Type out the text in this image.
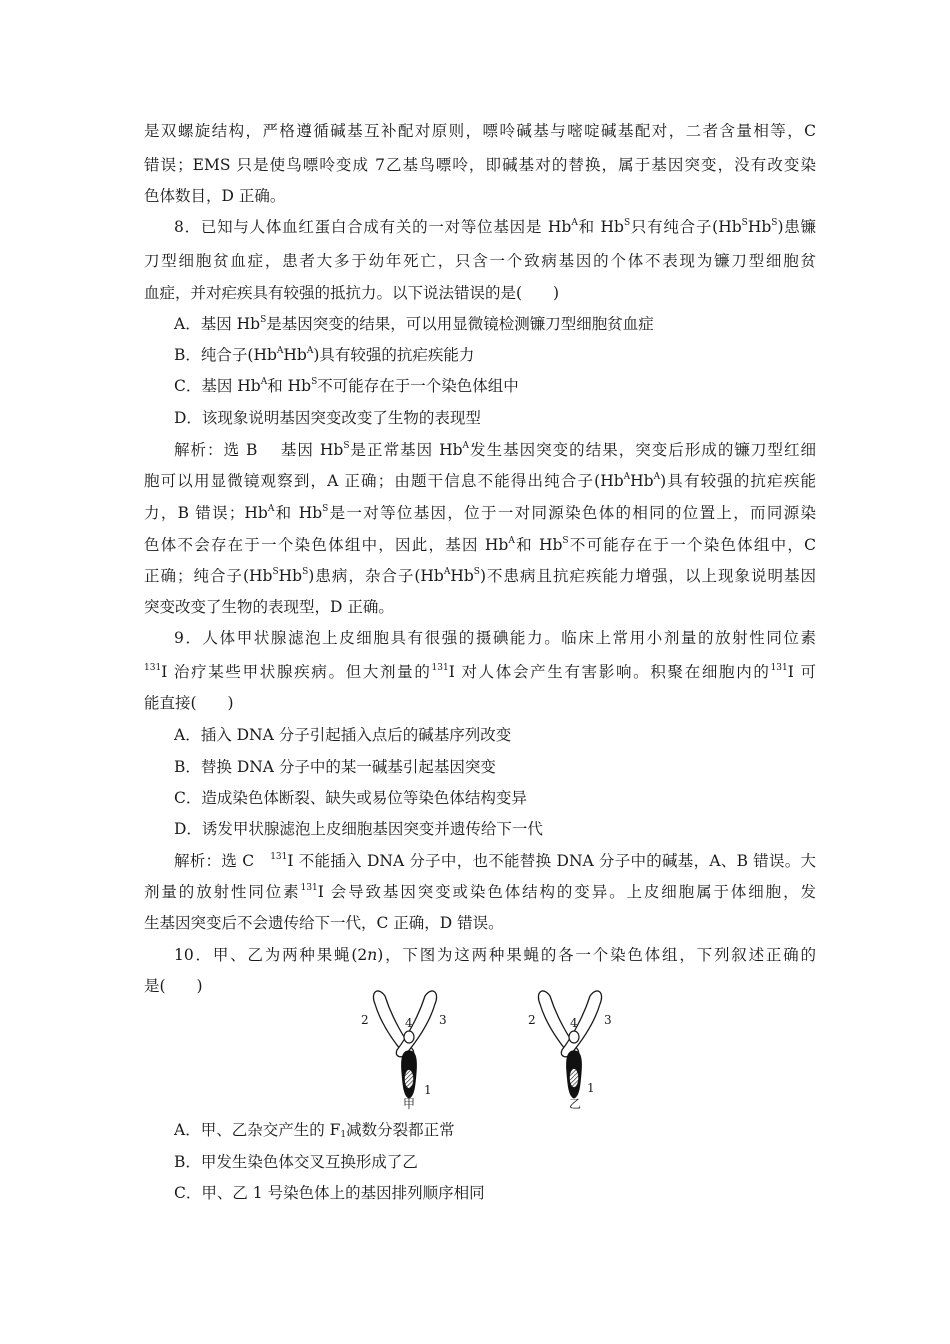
是双螺旋结构，严格遵循碱基互补配对原则，嘌呤碱基与嘧啶碱基配对，二者含量相等，C
错误；EMS 只是使鸟嘌呤变成 7乙基鸟嘌呤，即碱基对的替换，属于基因突变，没有改变染
色体数目，D 正确。
8．已知与人体血红蛋白合成有关的一对等位基因是 $Hb^A$和 $Hb^S$只有纯合子$(Hb^SHb^S)$患镰
刀型细胞贫血症，患者大多于幼年死亡，只含一个致病基因的个体不表现为镰刀型细胞贫
血症，并对疟疾具有较强的抵抗力。以下说法错误的是(　　)
A．基因 $Hb^S$是基因突变的结果，可以用显微镜检测镰刀型细胞贫血症
B．纯合子$(Hb^AHb^A)$具有较强的抗疟疾能力
C．基因 $Hb^A$和 $Hb^S$不可能存在于一个染色体组中
D．该现象说明基因突变改变了生物的表现型
解析：选 B　 基因 $Hb^S$是正常基因 $Hb^A$发生基因突变的结果，突变后形成的镰刀型红细
胞可以用显微镜观察到，A 正确；由题干信息不能得出纯合子$(Hb^AHb^A)$具有较强的抗疟疾能
力，B 错误；$Hb^A$和 $Hb^S$是一对等位基因，位于一对同源染色体的相同的位置上，而同源染
色体不会存在于一个染色体组中，因此，基因 $Hb^A$和 $Hb^S$不可能存在于一个染色体组中，C
正确；纯合子$(Hb^SHb^S)$患病，杂合子$(Hb^AHb^S)$不患病且抗疟疾能力增强，以上现象说明基因
突变改变了生物的表现型，D 正确。
9．人体甲状腺滤泡上皮细胞具有很强的摄碘能力。临床上常用小剂量的放射性同位素
$^{131}$I 治疗某些甲状腺疾病。但大剂量的$^{131}$I 对人体会产生有害影响。积聚在细胞内的$^{131}$I 可
能直接(　　)
A．插入 DNA 分子引起插入点后的碱基序列改变
B．替换 DNA 分子中的某一碱基引起基因突变
C．造成染色体断裂、缺失或易位等染色体结构变异
D．诱发甲状腺滤泡上皮细胞基因突变并遗传给下一代
解析：选 C　$^{131}$I 不能插入 DNA 分子中，也不能替换 DNA 分子中的碱基，A、B 错误。大
剂量的放射性同位素$^{131}$I 会导致基因突变或染色体结构的变异。上皮细胞属于体细胞，发
生基因突变后不会遗传给下一代，C 正确，D 错误。
10．甲、乙为两种果蝇(2n)，下图为这两种果蝇的各一个染色体组，下列叙述正确的
是(　　)
2	4 3
1
甲
2	4 3
1
乙
A．甲、乙杂交产生的 $F_1$减数分裂都正常
B．甲发生染色体交叉互换形成了乙
C．甲、乙 1 号染色体上的基因排列顺序相同
